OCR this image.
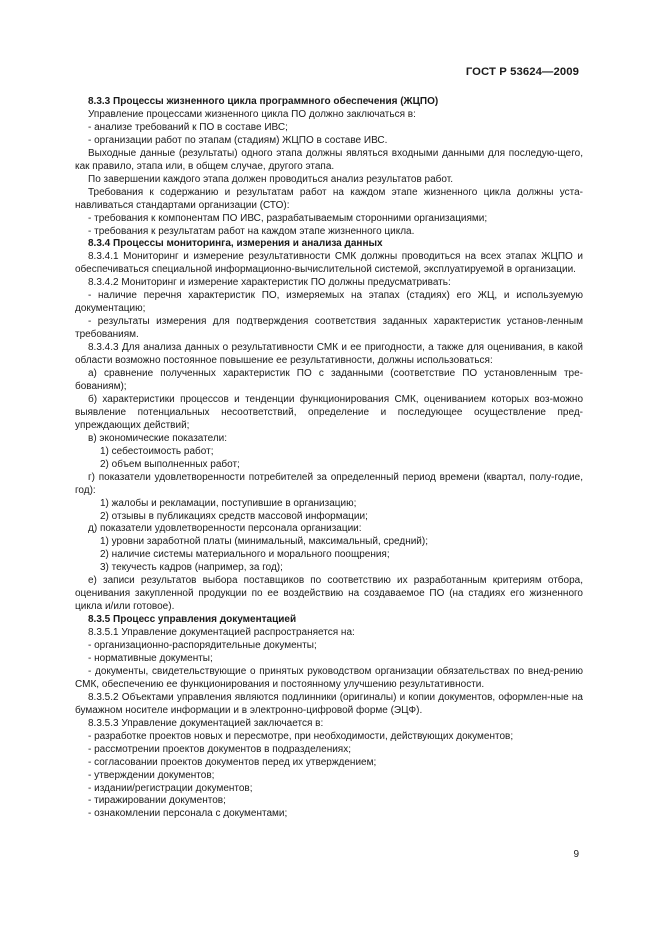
ГОСТ Р 53624—2009

8.3.3 Процессы жизненного цикла программного обеспечения (ЖЦПО)

Управление процессами жизненного цикла ПО должно заключаться в:

- анализе требований к ПО в составе ИВС;

- организации работ по этапам (стадиям) ЖЦПО в составе ИВС.

Выходные данные (результаты) одного этапа должны являться входными данными для последую-щего, как правило, этапа или, в общем случае, другого этапа.

По завершении каждого этапа должен проводиться анализ результатов работ.

Требования к содержанию и результатам работ на каждом этапе жизненного цикла должны уста-навливаться стандартами организации (СТО):

- требования к компонентам ПО ИВС, разрабатываемым сторонними организациями;

- требования к результатам работ на каждом этапе жизненного цикла.

8.3.4 Процессы мониторинга, измерения и анализа данных

8.3.4.1 Мониторинг и измерение результативности СМК должны проводиться на всех этапах ЖЦПО и обеспечиваться специальной информационно-вычислительной системой, эксплуатируемой в организации.

8.3.4.2 Мониторинг и измерение характеристик ПО должны предусматривать:

- наличие перечня характеристик ПО, измеряемых на этапах (стадиях) его ЖЦ, и используемую документацию;

- результаты измерения для подтверждения соответствия заданных характеристик установ-ленным требованиям.

8.3.4.3 Для анализа данных о результативности СМК и ее пригодности, а также для оценивания, в какой области возможно постоянное повышение ее результативности, должны использоваться:

а) сравнение полученных характеристик ПО с заданными (соответствие ПО установленным тре-бованиям);

б) характеристики процессов и тенденции функционирования СМК, оцениванием которых воз-можно выявление потенциальных несоответствий, определение и последующее осуществление пред-упреждающих действий;

в) экономические показатели:

1) себестоимость работ;

2) объем выполненных работ;

г) показатели удовлетворенности потребителей за определенный период времени (квартал, полу-годие, год):

1) жалобы и рекламации, поступившие в организацию;

2) отзывы в публикациях средств массовой информации;

д) показатели удовлетворенности персонала организации:

1) уровни заработной платы (минимальный, максимальный, средний);

2) наличие системы материального и морального поощрения;

3) текучесть кадров (например, за год);

е) записи результатов выбора поставщиков по соответствию их разработанным критериям отбора, оценивания закупленной продукции по ее воздействию на создаваемое ПО (на стадиях его жизненного цикла и/или готовое).

8.3.5 Процесс управления документацией

8.3.5.1 Управление документацией распространяется на:

- организационно-распорядительные документы;

- нормативные документы;

- документы, свидетельствующие о принятых руководством организации обязательствах по внед-рению СМК, обеспечению ее функционирования и постоянному улучшению результативности.

8.3.5.2 Объектами управления являются подлинники (оригиналы) и копии документов, оформлен-ные на бумажном носителе информации и в электронно-цифровой форме (ЭЦФ).

8.3.5.3 Управление документацией заключается в:

- разработке проектов новых и пересмотре, при необходимости, действующих документов;

- рассмотрении проектов документов в подразделениях;

- согласовании проектов документов перед их утверждением;

- утверждении документов;

- издании/регистрации документов;

- тиражировании документов;

- ознакомлении персонала с документами;

9
